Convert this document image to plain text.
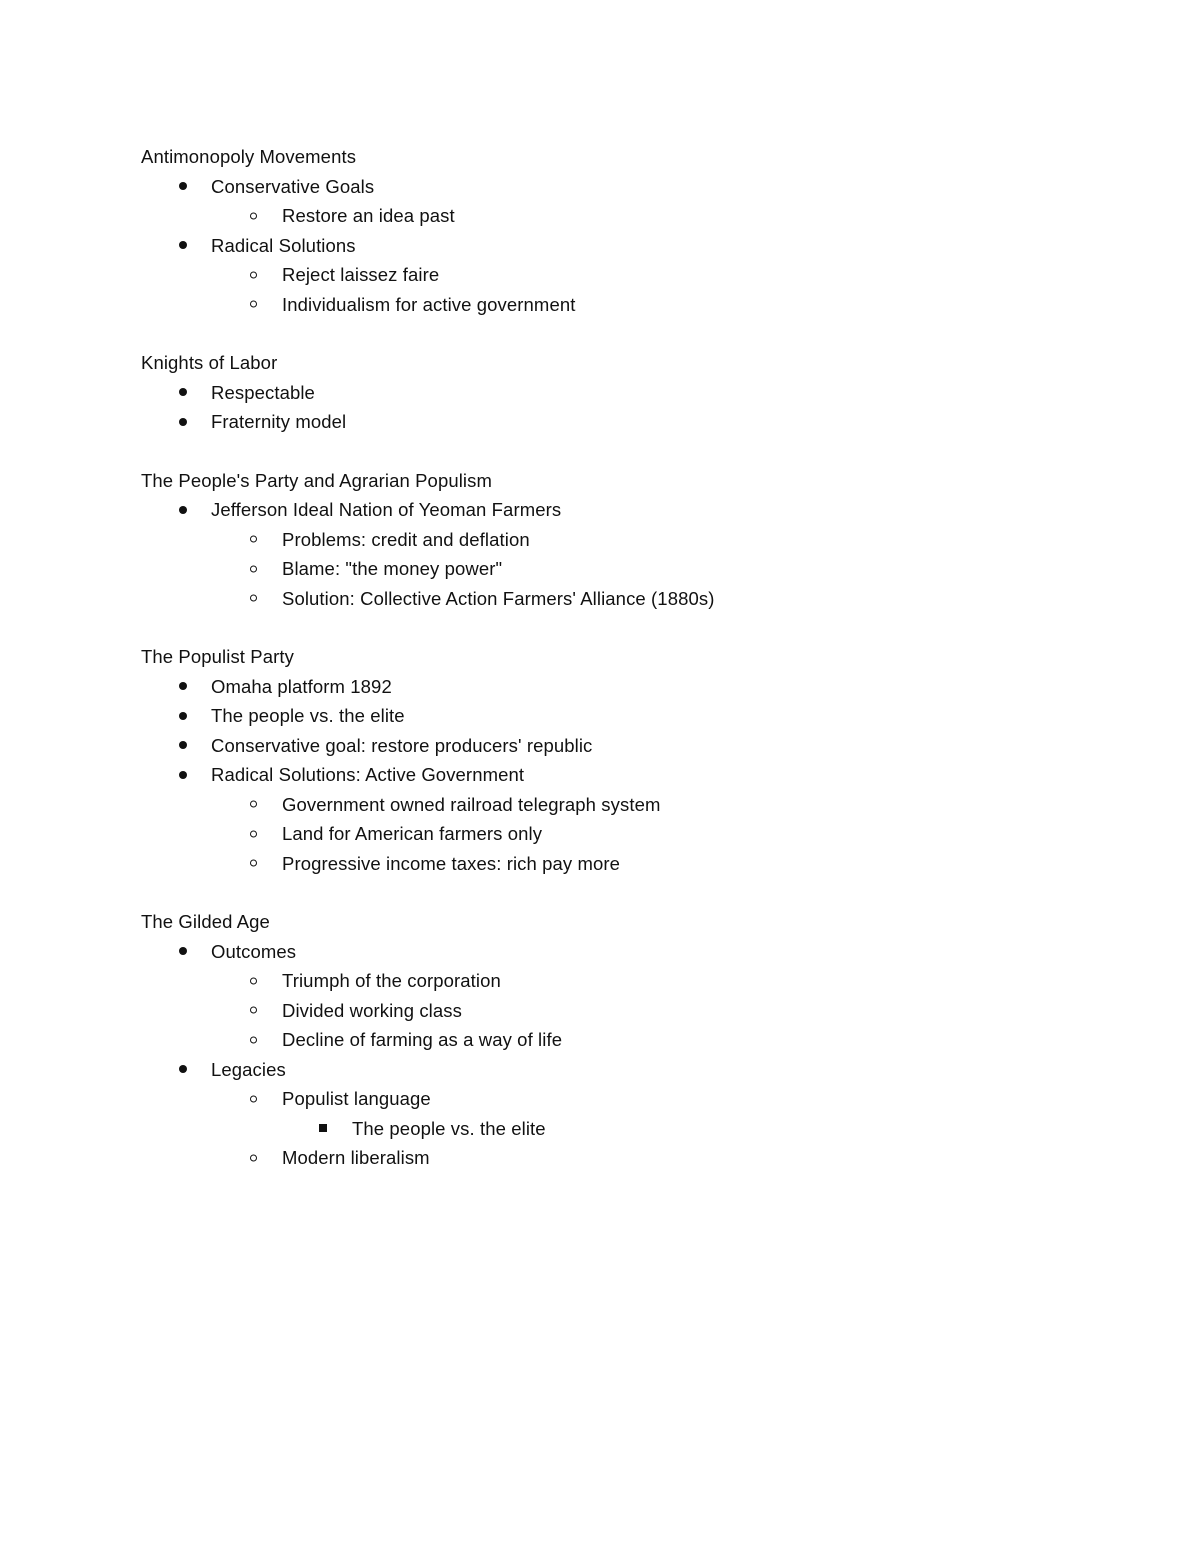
Antimonopoly Movements
Conservative Goals
Restore an idea past
Radical Solutions
Reject laissez faire
Individualism for active government
Knights of Labor
Respectable
Fraternity model
The People's Party and Agrarian Populism
Jefferson Ideal Nation of Yeoman Farmers
Problems: credit and deflation
Blame: "the money power"
Solution: Collective Action Farmers' Alliance (1880s)
The Populist Party
Omaha platform 1892
The people vs. the elite
Conservative goal: restore producers' republic
Radical Solutions: Active Government
Government owned railroad telegraph system
Land for American farmers only
Progressive income taxes: rich pay more
The Gilded Age
Outcomes
Triumph of the corporation
Divided working class
Decline of farming as a way of life
Legacies
Populist language
The people vs. the elite
Modern liberalism
